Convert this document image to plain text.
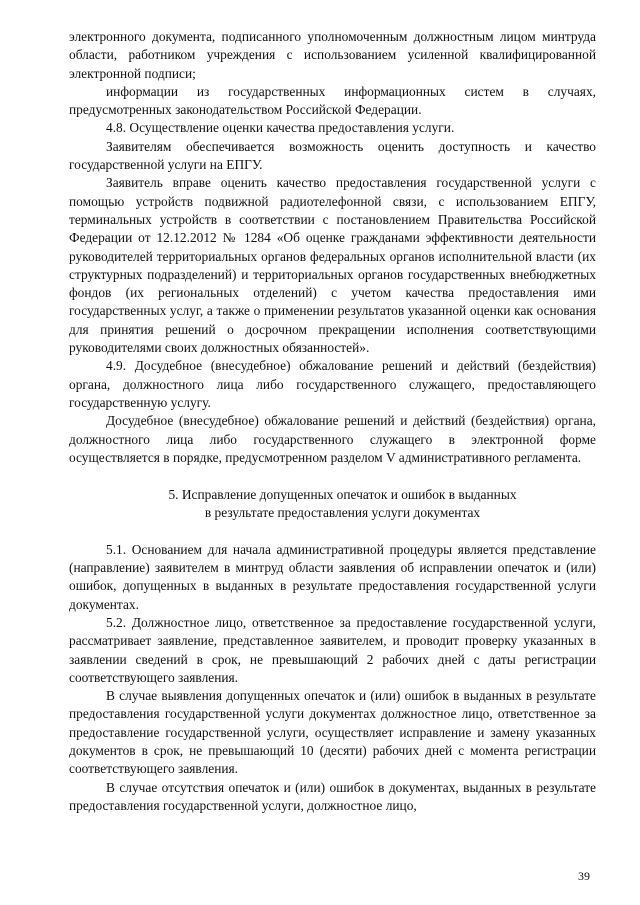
электронного документа, подписанного уполномоченным должностным лицом минтруда области, работником учреждения с использованием усиленной квалифицированной электронной подписи;

информации из государственных информационных систем в случаях, предусмотренных законодательством Российской Федерации.

4.8. Осуществление оценки качества предоставления услуги.

Заявителям обеспечивается возможность оценить доступность и качество государственной услуги на ЕПГУ.

Заявитель вправе оценить качество предоставления государственной услуги с помощью устройств подвижной радиотелефонной связи, с использованием ЕПГУ, терминальных устройств в соответствии с постановлением Правительства Российской Федерации от 12.12.2012 № 1284 «Об оценке гражданами эффективности деятельности руководителей территориальных органов федеральных органов исполнительной власти (их структурных подразделений) и территориальных органов государственных внебюджетных фондов (их региональных отделений) с учетом качества предоставления ими государственных услуг, а также о применении результатов указанной оценки как основания для принятия решений о досрочном прекращении исполнения соответствующими руководителями своих должностных обязанностей».

4.9. Досудебное (внесудебное) обжалование решений и действий (бездействия) органа, должностного лица либо государственного служащего, предоставляющего государственную услугу.

Досудебное (внесудебное) обжалование решений и действий (бездействия) органа, должностного лица либо государственного служащего в электронной форме осуществляется в порядке, предусмотренном разделом V административного регламента.

5. Исправление допущенных опечаток и ошибок в выданных

в результате предоставления услуги документах

5.1. Основанием для начала административной процедуры является представление (направление) заявителем в минтруд области заявления об исправлении опечаток и (или) ошибок, допущенных в выданных в результате предоставления государственной услуги документах.

5.2. Должностное лицо, ответственное за предоставление государственной услуги, рассматривает заявление, представленное заявителем, и проводит проверку указанных в заявлении сведений в срок, не превышающий 2 рабочих дней с даты регистрации соответствующего заявления.

В случае выявления допущенных опечаток и (или) ошибок в выданных в результате предоставления государственной услуги документах должностное лицо, ответственное за предоставление государственной услуги, осуществляет исправление и замену указанных документов в срок, не превышающий 10 (десяти) рабочих дней с момента регистрации соответствующего заявления.

В случае отсутствия опечаток и (или) ошибок в документах, выданных в результате предоставления государственной услуги, должностное лицо,

39
